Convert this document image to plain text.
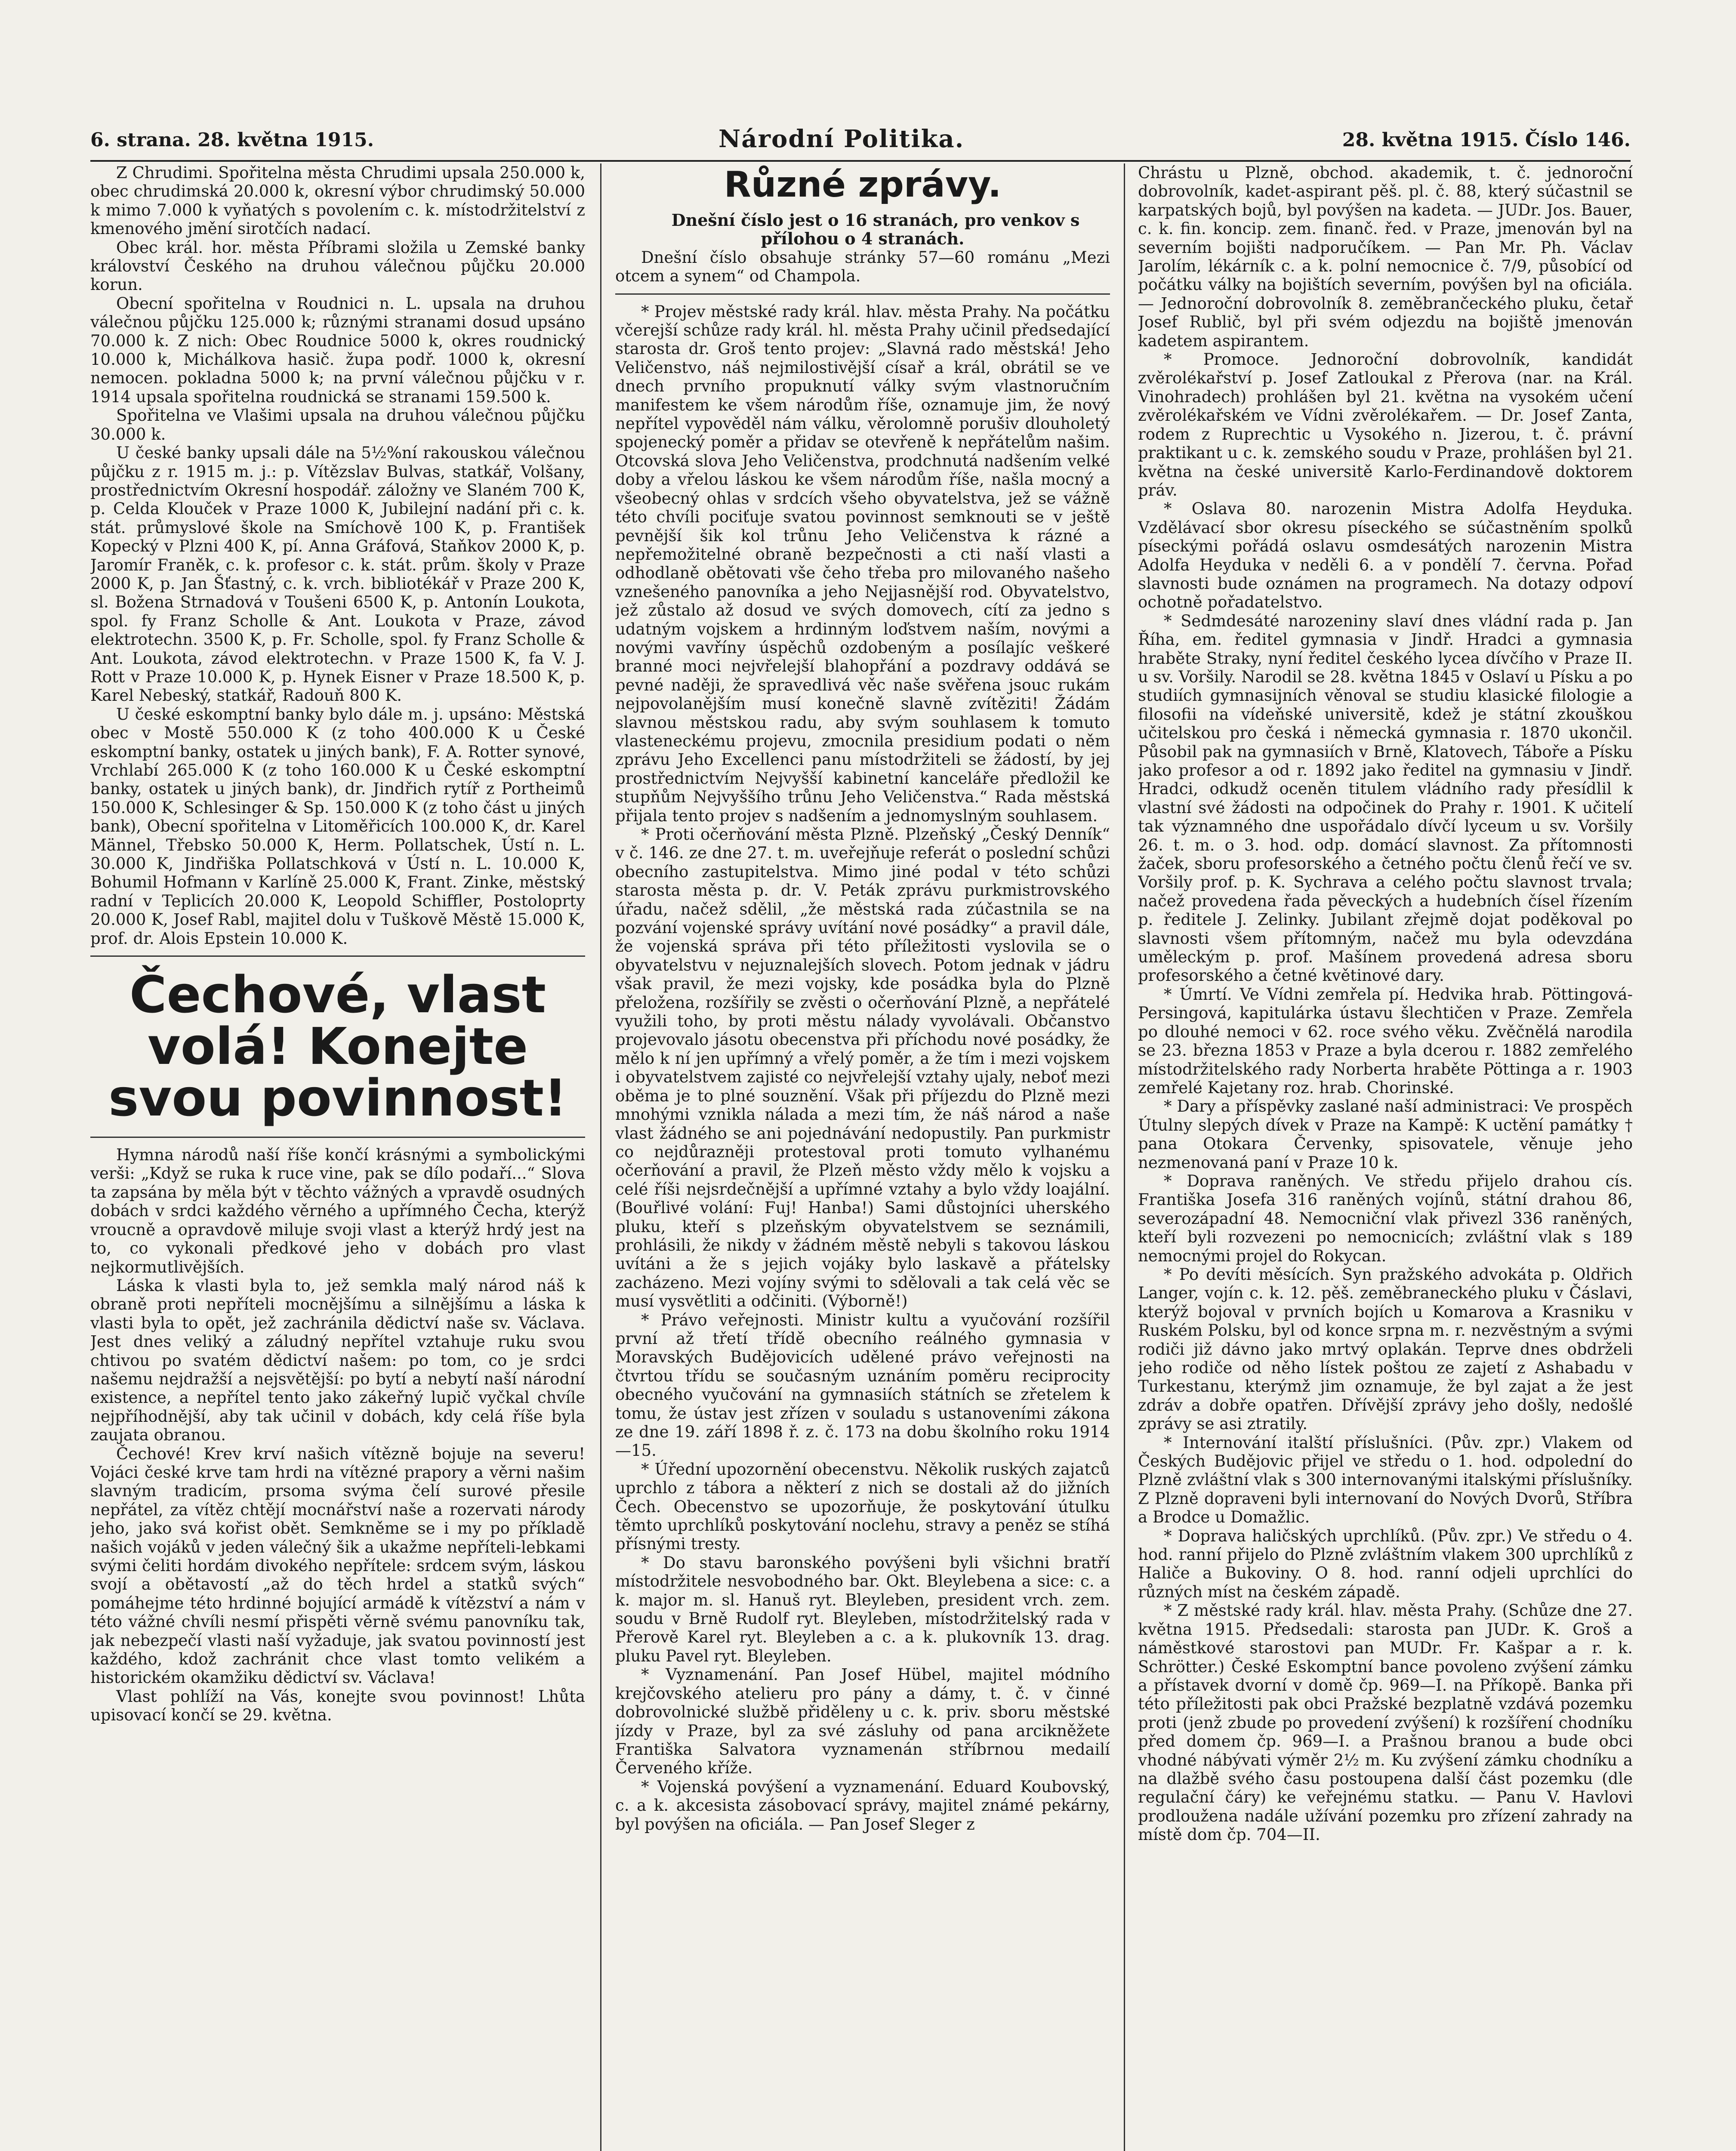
6. strana. 28. května 1915.	Národní Politika.	28. května 1915. Číslo 146.

Z Chrudimi. Spořitelna města Chrudimi upsala 250.000 k, obec chrudimská 20.000 k, okresní výbor chrudimský 50.000 k mimo 7.000 k vyňatých s povolením c. k. místodržitelství z kmenového jmění sirotčích nadací.

Obec král. hor. města Příbrami složila u Zemské banky království Českého na druhou válečnou půjčku 20.000 korun.

Obecní spořitelna v Roudnici n. L. upsala na druhou válečnou půjčku 125.000 k; různými stranami dosud upsáno 70.000 k. Z nich: Obec Roudnice 5000 k, okres roudnický 10.000 k, Michálkova hasič. župa podř. 1000 k, okresní nemocen. pokladna 5000 k; na první válečnou půjčku v r. 1914 upsala spořitelna roudnická se stranami 159.500 k.

Spořitelna ve Vlašimi upsala na druhou válečnou půjčku 30.000 k.

U české banky upsali dále na 5½%ní rakouskou válečnou půjčku z r. 1915 m. j.: p. Vítězslav Bulvas, statkář, Volšany, prostřednictvím Okresní hospodář. záložny ve Slaném 700 K, p. Celda Klouček v Praze 1000 K, Jubilejní nadání při c. k. stát. průmyslové škole na Smíchově 100 K, p. František Kopecký v Plzni 400 K, pí. Anna Gráfová, Staňkov 2000 K, p. Jaromír Franěk, c. k. profesor c. k. stát. prům. školy v Praze 2000 K, p. Jan Šťastný, c. k. vrch. bibliotékář v Praze 200 K, sl. Božena Strnadová v Toušeni 6500 K, p. Antonín Loukota, spol. fy Franz Scholle & Ant. Loukota v Praze, závod elektrotechn. 3500 K, p. Fr. Scholle, spol. fy Franz Scholle & Ant. Loukota, závod elektrotechn. v Praze 1500 K, fa V. J. Rott v Praze 10.000 K, p. Hynek Eisner v Praze 18.500 K, p. Karel Nebeský, statkář, Radouň 800 K.

U české eskomptní banky bylo dále m. j. upsáno: Městská obec v Mostě 550.000 K (z toho 400.000 K u České eskomptní banky, ostatek u jiných bank), F. A. Rotter synové, Vrchlabí 265.000 K (z toho 160.000 K u České eskomptní banky, ostatek u jiných bank), dr. Jindřich rytíř z Portheimů 150.000 K, Schlesinger & Sp. 150.000 K (z toho část u jiných bank), Obecní spořitelna v Litoměřicích 100.000 K, dr. Karel Männel, Třebsko 50.000 K, Herm. Pollatschek, Ústí n. L. 30.000 K, Jindřiška Pollatschková v Ústí n. L. 10.000 K, Bohumil Hofmann v Karlíně 25.000 K, Frant. Zinke, městský radní v Teplicích 20.000 K, Leopold Schiffler, Postoloprty 20.000 K, Josef Rabl, majitel dolu v Tuškově Městě 15.000 K, prof. dr. Alois Epstein 10.000 K.

Čechové, vlast volá! Konejte svou povinnost!

Hymna národů naší říše končí krásnými a symbolickými verši: „Když se ruka k ruce vine, pak se dílo podaří...“ Slova ta zapsána by měla být v těchto vážných a vpravdě osudných dobách v srdci každého věrného a upřímného Čecha, kterýž vroucně a opravdově miluje svoji vlast a kterýž hrdý jest na to, co vykonali předkové jeho v dobách pro vlast nejkormutlivějších.

Láska k vlasti byla to, jež semkla malý národ náš k obraně proti nepříteli mocnějšímu a silnějšímu a láska k vlasti byla to opět, jež zachránila dědictví naše sv. Václava. Jest dnes veliký a záludný nepřítel vztahuje ruku svou chtivou po svatém dědictví našem: po tom, co je srdci našemu nejdražší a nejsvětější: po bytí a nebytí naší národní existence, a nepřítel tento jako zákeřný lupič vyčkal chvíle nejpříhodnější, aby tak učinil v dobách, kdy celá říše byla zaujata obranou.

Čechové! Krev krví našich vítězně bojuje na severu! Vojáci české krve tam hrdi na vítězné prapory a věrni našim slavným tradicím, prsoma svýma čelí surové přesile nepřátel, za vítěz chtějí mocnářství naše a rozervati národy jeho, jako svá kořist obět. Semkněme se i my po příkladě našich vojáků v jeden válečný šik a ukažme nepříteli-lebkami svými čeliti hordám divokého nepřítele: srdcem svým, láskou svojí a obětavostí „až do těch hrdel a statků svých“ pomáhejme této hrdinné bojující armádě k vítězství a nám v této vážné chvíli nesmí přispěti věrně svému panovníku tak, jak nebezpečí vlasti naší vyžaduje, jak svatou povinností jest každého, kdož zachránit chce vlast tomto velikém a historickém okamžiku dědictví sv. Václava!

Vlast pohlíží na Vás, konejte svou povinnost! Lhůta upisovací končí se 29. května.

Různé zprávy.

Dnešní číslo jest o 16 stranách, pro venkov s přílohou o 4 stranách.

Dnešní číslo obsahuje stránky 57—60 románu „Mezi otcem a synem“ od Champola.

* Projev městské rady král. hlav. města Prahy. Na počátku včerejší schůze rady král. hl. města Prahy učinil předsedající starosta dr. Groš tento projev: „Slavná rado městská! Jeho Veličenstvo, náš nejmilostivější císař a král, obrátil se ve dnech prvního propuknutí války svým vlastnoručním manifestem ke všem národům říše, oznamuje jim, že nový nepřítel vypověděl nám válku, věrolomně porušiv dlouholetý spojenecký poměr a přidav se otevřeně k nepřátelům našim. Otcovská slova Jeho Veličenstva, prodchnutá nadšením velké doby a vřelou láskou ke všem národům říše, našla mocný a všeobecný ohlas v srdcích všeho obyvatelstva, jež se vážně této chvíli pociťuje svatou povinnost semknouti se v ještě pevnější šik kol trůnu Jeho Veličenstva k rázné a nepřemožitelné obraně bezpečnosti a cti naší vlasti a odhodlaně obětovati vše čeho třeba pro milovaného našeho vznešeného panovníka a jeho Nejjasnější rod. Obyvatelstvo, jež zůstalo až dosud ve svých domovech, cítí za jedno s udatným vojskem a hrdinným loďstvem naším, novými a novými vavříny úspěchů ozdobeným a posílajíc veškeré branné moci nejvřelejší blahopřání a pozdravy oddává se pevné naději, že spravedlivá věc naše svěřena jsouc rukám nejpovolanějším musí konečně slavně zvítěziti! Žádám slavnou městskou radu, aby svým souhlasem k tomuto vlasteneckému projevu, zmocnila presidium podati o něm zprávu Jeho Excellenci panu místodržiteli se žádostí, by jej prostřednictvím Nejvyšší kabinetní kanceláře předložil ke stupňům Nejvyššího trůnu Jeho Veličenstva.“ Rada městská přijala tento projev s nadšením a jednomyslným souhlasem.

* Proti očerňování města Plzně. Plzeňský „Český Denník“ v č. 146. ze dne 27. t. m. uveřejňuje referát o poslední schůzi obecního zastupitelstva. Mimo jiné podal v této schůzi starosta města p. dr. V. Peták zprávu purkmistrovského úřadu, načež sdělil, „že městská rada zúčastnila se na pozvání vojenské správy uvítání nové posádky“ a pravil dále, že vojenská správa při této příležitosti vyslovila se o obyvatelstvu v nejuznalejších slovech. Potom jednak v jádru však pravil, že mezi vojsky, kde posádka byla do Plzně přeložena, rozšířily se zvěsti o očerňování Plzně, a nepřátelé využili toho, by proti městu nálady vyvolávali. Občanstvo projevovalo jásotu obecenstva při příchodu nové posádky, že mělo k ní jen upřímný a vřelý poměr, a že tím i mezi vojskem i obyvatelstvem zajisté co nejvřelejší vztahy ujaly, neboť mezi oběma je to plné souznění. Však při příjezdu do Plzně mezi mnohými vznikla nálada a mezi tím, že náš národ a naše vlast žádného se ani pojednávání nedopustily. Pan purkmistr co nejdůrazněji protestoval proti tomuto vylhanému očerňování a pravil, že Plzeň město vždy mělo k vojsku a celé říši nejsrdečnější a upřímné vztahy a bylo vždy loajální. (Bouřlivé volání: Fuj! Hanba!) Sami důstojníci uherského pluku, kteří s plzeňským obyvatelstvem se seznámili, prohlásili, že nikdy v žádném městě nebyli s takovou láskou uvítáni a že s jejich vojáky bylo laskavě a přátelsky zacházeno. Mezi vojíny svými to sdělovali a tak celá věc se musí vysvětliti a odčiniti. (Výborně!)

* Právo veřejnosti. Ministr kultu a vyučování rozšířil první až třetí třídě obecního reálného gymnasia v Moravských Budějovicích udělené právo veřejnosti na čtvrtou třídu se současným uznáním poměru reciprocity obecného vyučování na gymnasiích státních se zřetelem k tomu, že ústav jest zřízen v souladu s ustanoveními zákona ze dne 19. září 1898 ř. z. č. 173 na dobu školního roku 1914—15.

* Úřední upozornění obecenstvu. Několik ruských zajatců uprchlo z tábora a některí z nich se dostali až do jižních Čech. Obecenstvo se upozorňuje, že poskytování útulku těmto uprchlíků poskytování noclehu, stravy a peněz se stíhá přísnými tresty.

* Do stavu baronského povýšeni byli všichni bratří místodržitele nesvobodného bar. Okt. Bleylebena a sice: c. a k. major m. sl. Hanuš ryt. Bleyleben, president vrch. zem. soudu v Brně Rudolf ryt. Bleyleben, místodržitelský rada v Přerově Karel ryt. Bleyleben a c. a k. plukovník 13. drag. pluku Pavel ryt. Bleyleben.

* Vyznamenání. Pan Josef Hübel, majitel módního krejčovského atelieru pro pány a dámy, t. č. v činné dobrovolnické službě přiděleny u c. k. priv. sboru městské jízdy v Praze, byl za své zásluhy od pana arcikněžete Františka Salvatora vyznamenán stříbrnou medailí Červeného kříže.

* Vojenská povýšení a vyznamenání. Eduard Koubovský, c. a k. akcesista zásobovací správy, majitel známé pekárny, byl povýšen na oficiála. — Pan Josef Sleger z

Chrástu u Plzně, obchod. akademik, t. č. jednoroční dobrovolník, kadet-aspirant pěš. pl. č. 88, který súčastnil se karpatských bojů, byl povýšen na kadeta. — JUDr. Jos. Bauer, c. k. fin. koncip. zem. finanč. řed. v Praze, jmenován byl na severním bojišti nadporučíkem. — Pan Mr. Ph. Václav Jarolím, lékárník c. a k. polní nemocnice č. 7/9, působící od počátku války na bojištích severním, povýšen byl na oficiála. — Jednoroční dobrovolník 8. zeměbrančeckého pluku, četař Josef Rublič, byl při svém odjezdu na bojiště jmenován kadetem aspirantem.

* Promoce. Jednoroční dobrovolník, kandidát zvěrolékařství p. Josef Zatloukal z Přerova (nar. na Král. Vinohradech) prohlášen byl 21. května na vysokém učení zvěrolékařském ve Vídni zvěrolékařem. — Dr. Josef Zanta, rodem z Ruprechtic u Vysokého n. Jizerou, t. č. právní praktikant u c. k. zemského soudu v Praze, prohlášen byl 21. května na české universitě Karlo-Ferdinandově doktorem práv.

* Oslava 80. narozenin Mistra Adolfa Heyduka. Vzdělávací sbor okresu píseckého se súčastněním spolků píseckými pořádá oslavu osmdesátých narozenin Mistra Adolfa Heyduka v neděli 6. a v pondělí 7. června. Pořad slavnosti bude oznámen na programech. Na dotazy odpoví ochotně pořadatelstvo.

* Sedmdesáté narozeniny slaví dnes vládní rada p. Jan Říha, em. ředitel gymnasia v Jindř. Hradci a gymnasia hraběte Straky, nyní ředitel českého lycea dívčího v Praze II. u sv. Voršily. Narodil se 28. května 1845 v Oslaví u Písku a po studiích gymnasijních věnoval se studiu klasické filologie a filosofii na vídeňské universitě, kdež je státní zkouškou učitelskou pro česká i německá gymnasia r. 1870 ukončil. Působil pak na gymnasiích v Brně, Klatovech, Táboře a Písku jako profesor a od r. 1892 jako ředitel na gymnasiu v Jindř. Hradci, odkudž oceněn titulem vládního rady přesídlil k vlastní své žádosti na odpočinek do Prahy r. 1901. K učitelí tak významného dne uspořádalo dívčí lyceum u sv. Voršily 26. t. m. o 3. hod. odp. domácí slavnost. Za přítomnosti žaček, sboru profesorského a četného počtu členů řečí ve sv. Voršily prof. p. K. Sychrava a celého počtu slavnost trvala; načež provedena řada pěveckých a hudebních čísel řízením p. ředitele J. Zelinky. Jubilant zřejmě dojat poděkoval po slavnosti všem přítomným, načež mu byla odevzdána uměleckým p. prof. Mašínem provedená adresa sboru profesorského a četné květinové dary.

* Úmrtí. Ve Vídni zemřela pí. Hedvika hrab. Pöttingová-Persingová, kapitulárka ústavu šlechtičen v Praze. Zemřela po dlouhé nemoci v 62. roce svého věku. Zvěčnělá narodila se 23. března 1853 v Praze a byla dcerou r. 1882 zemřelého místodržitelského rady Norberta hraběte Pöttinga a r. 1903 zemřelé Kajetany roz. hrab. Chorinské.

* Dary a příspěvky zaslané naší administraci: Ve prospěch Útulny slepých dívek v Praze na Kampě: K uctění památky † pana Otokara Červenky, spisovatele, věnuje jeho nezmenovaná paní v Praze 10 k.

* Doprava raněných. Ve středu přijelo drahou cís. Františka Josefa 316 raněných vojínů, státní drahou 86, severozápadní 48. Nemocniční vlak přivezl 336 raněných, kteří byli rozvezeni po nemocnicích; zvláštní vlak s 189 nemocnými projel do Rokycan.

* Po devíti měsících. Syn pražského advokáta p. Oldřich Langer, vojín c. k. 12. pěš. zeměbraneckého pluku v Čáslavi, kterýž bojoval v prvních bojích u Komarova a Krasniku v Ruském Polsku, byl od konce srpna m. r. nezvěstným a svými rodiči již dávno jako mrtvý oplakán. Teprve dnes obdrželi jeho rodiče od něho lístek poštou ze zajetí z Ashabadu v Turkestanu, kterýmž jim oznamuje, že byl zajat a že jest zdráv a dobře opatřen. Dřívější zprávy jeho došly, nedošlé zprávy se asi ztratily.

* Internování italští příslušníci. (Pův. zpr.) Vlakem od Českých Budějovic přijel ve středu o 1. hod. odpolední do Plzně zvláštní vlak s 300 internovanými italskými příslušníky. Z Plzně dopraveni byli internovaní do Nových Dvorů, Stříbra a Brodce u Domažlic.

* Doprava haličských uprchlíků. (Pův. zpr.) Ve středu o 4. hod. ranní přijelo do Plzně zvláštním vlakem 300 uprchlíků z Haliče a Bukoviny. O 8. hod. ranní odjeli uprchlíci do různých míst na českém západě.

* Z městské rady král. hlav. města Prahy. (Schůze dne 27. května 1915. Předsedali: starosta pan JUDr. K. Groš a náměstkové starostovi pan MUDr. Fr. Kašpar a r. k. Schrötter.) České Eskomptní bance povoleno zvýšení zámku a přístavek dvorní v domě čp. 969—I. na Příkopě. Banka při této příležitosti pak obci Pražské bezplatně vzdává pozemku proti (jenž zbude po provedení zvýšení) k rozšíření chodníku před domem čp. 969—I. a Prašnou branou a bude obci vhodné nábývati výměr 2½ m. Ku zvýšení zámku chodníku a na dlažbě svého času postoupena další část pozemku (dle regulační čáry) ke veřejnému statku. — Panu V. Havlovi prodloužena nadále užívání pozemku pro zřízení zahrady na místě dom čp. 704—II.
